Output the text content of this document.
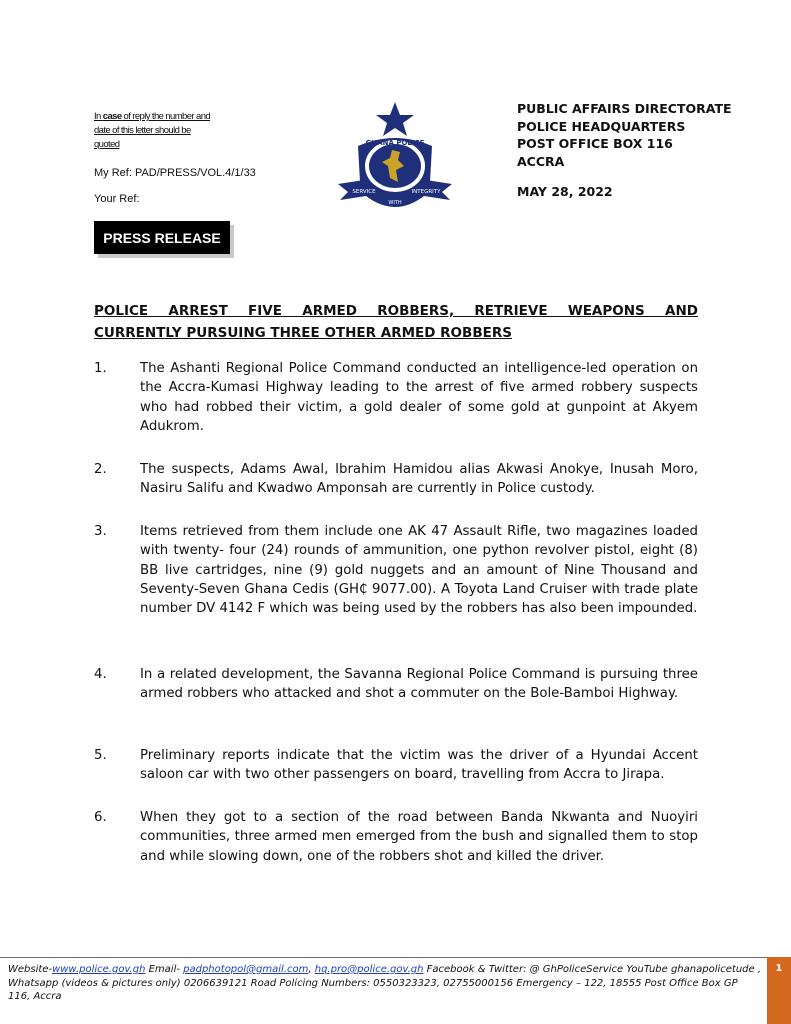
In case of reply the number and date of this letter should be quoted
My Ref: PAD/PRESS/VOL.4/1/33
Your Ref:
PRESS RELEASE
GHANA POLICE
SERVICE
WITH
INTEGRITY
PUBLIC AFFAIRS DIRECTORATE
POLICE HEADQUARTERS
POST OFFICE BOX 116
ACCRA
MAY 28, 2022
POLICE ARREST FIVE ARMED ROBBERS, RETRIEVE WEAPONS AND
CURRENTLY PURSUING THREE OTHER ARMED ROBBERS
1.	The Ashanti Regional Police Command conducted an intelligence-led operation on the Accra-Kumasi Highway leading to the arrest of five armed robbery suspects who had robbed their victim, a gold dealer of some gold at gunpoint at Akyem Adukrom.
2.	The suspects, Adams Awal, Ibrahim Hamidou alias Akwasi Anokye, Inusah Moro, Nasiru Salifu and Kwadwo Amponsah are currently in Police custody.
3.	Items retrieved from them include one AK 47 Assault Rifle, two magazines loaded with twenty- four (24) rounds of ammunition, one python revolver pistol, eight (8) BB live cartridges, nine (9) gold nuggets and an amount of Nine Thousand and Seventy-Seven Ghana Cedis (GH₵ 9077.00). A Toyota Land Cruiser with trade plate number DV 4142 F which was being used by the robbers has also been impounded.
4.	In a related development, the Savanna Regional Police Command is pursuing three armed robbers who attacked and shot a commuter on the Bole-Bamboi Highway.
5.	Preliminary reports indicate that the victim was the driver of a Hyundai Accent saloon car with two other passengers on board, travelling from Accra to Jirapa.
6.	When they got to a section of the road between Banda Nkwanta and Nuoyiri communities, three armed men emerged from the bush and signalled them to stop and while slowing down, one of the robbers shot and killed the driver.
Website-www.police.gov.gh Email- padphotopol@gmail.com, hq.pro@police.gov.gh Facebook & Twitter: @ GhPoliceService YouTube ghanapolicetude , Whatsapp (videos & pictures only) 0206639121 Road Policing Numbers: 0550323323, 02755000156 Emergency – 122, 18555 Post Office Box GP 116, Accra
1
